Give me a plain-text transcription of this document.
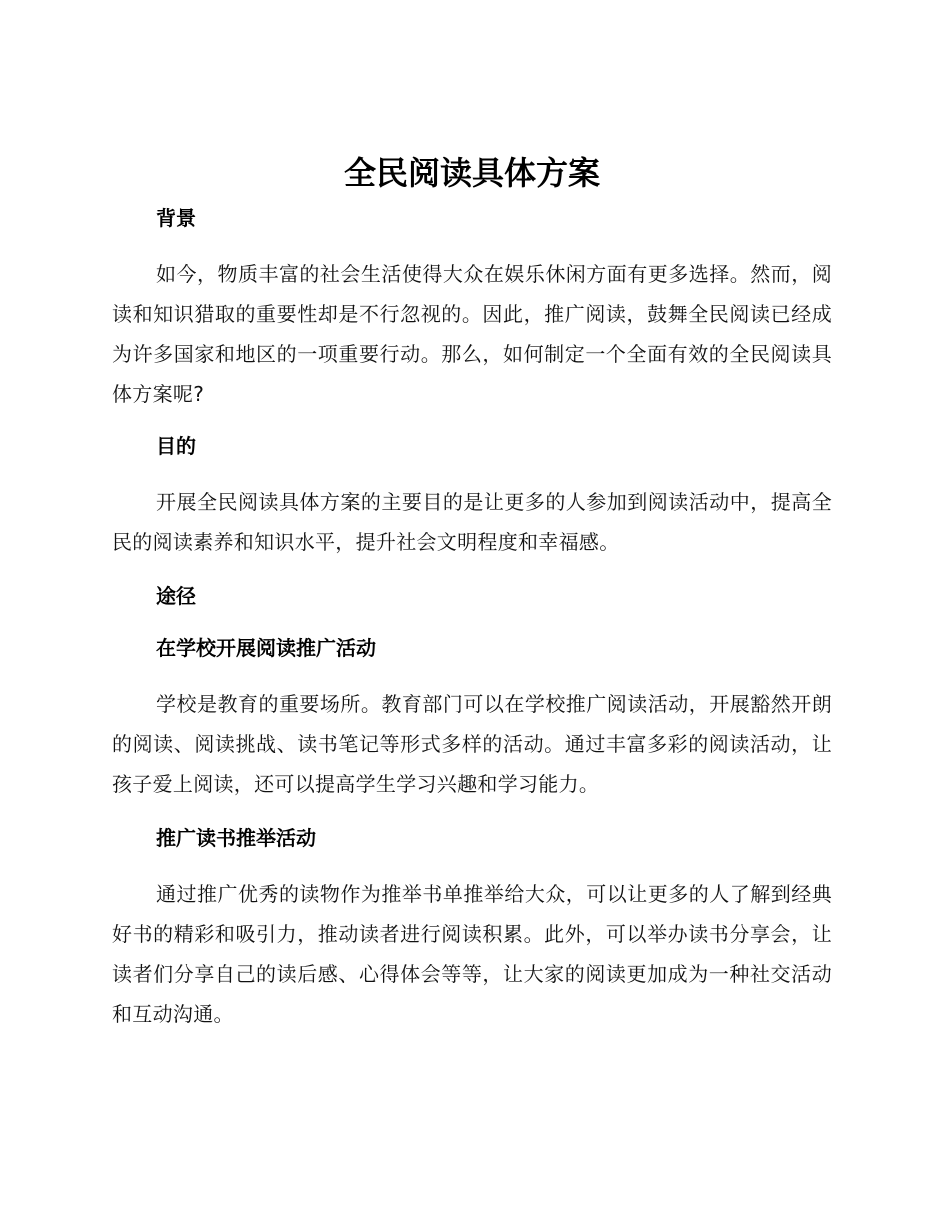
全民阅读具体方案
背景

如今，物质丰富的社会生活使得大众在娱乐休闲方面有更多选择。然而，阅读和知识猎取的重要性却是不行忽视的。因此，推广阅读，鼓舞全民阅读已经成为许多国家和地区的一项重要行动。那么，如何制定一个全面有效的全民阅读具体方案呢?

目的

开展全民阅读具体方案的主要目的是让更多的人参加到阅读活动中，提高全民的阅读素养和知识水平，提升社会文明程度和幸福感。

途径
在学校开展阅读推广活动

学校是教育的重要场所。教育部门可以在学校推广阅读活动，开展豁然开朗的阅读、阅读挑战、读书笔记等形式多样的活动。通过丰富多彩的阅读活动，让孩子爱上阅读，还可以提高学生学习兴趣和学习能力。

推广读书推举活动

通过推广优秀的读物作为推举书单推举给大众，可以让更多的人了解到经典好书的精彩和吸引力，推动读者进行阅读积累。此外，可以举办读书分享会，让读者们分享自己的读后感、心得体会等等，让大家的阅读更加成为一种社交活动和互动沟通。
